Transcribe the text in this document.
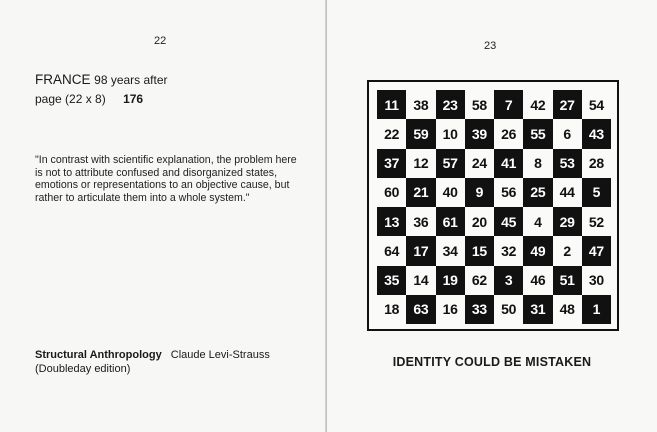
22
FRANCE 98 years after
page (22 x 8) 176
"In contrast with scientific explanation, the problem here is not to attribute confused and disorganized states, emotions or representations to an objective cause, but rather to articulate them into a whole system."
Structural Anthropology Claude Levi-Strauss
(Doubleday edition)
23
11	38	23	58	7	42	27	54
22	59	10	39	26	55	6	43
37	12	57	24	41	8	53	28
60	21	40	9	56	25	44	5
13	36	61	20	45	4	29	52
64	17	34	15	32	49	2	47
35	14	19	62	3	46	51	30
18	63	16	33	50	31	48	1
IDENTITY COULD BE MISTAKEN
